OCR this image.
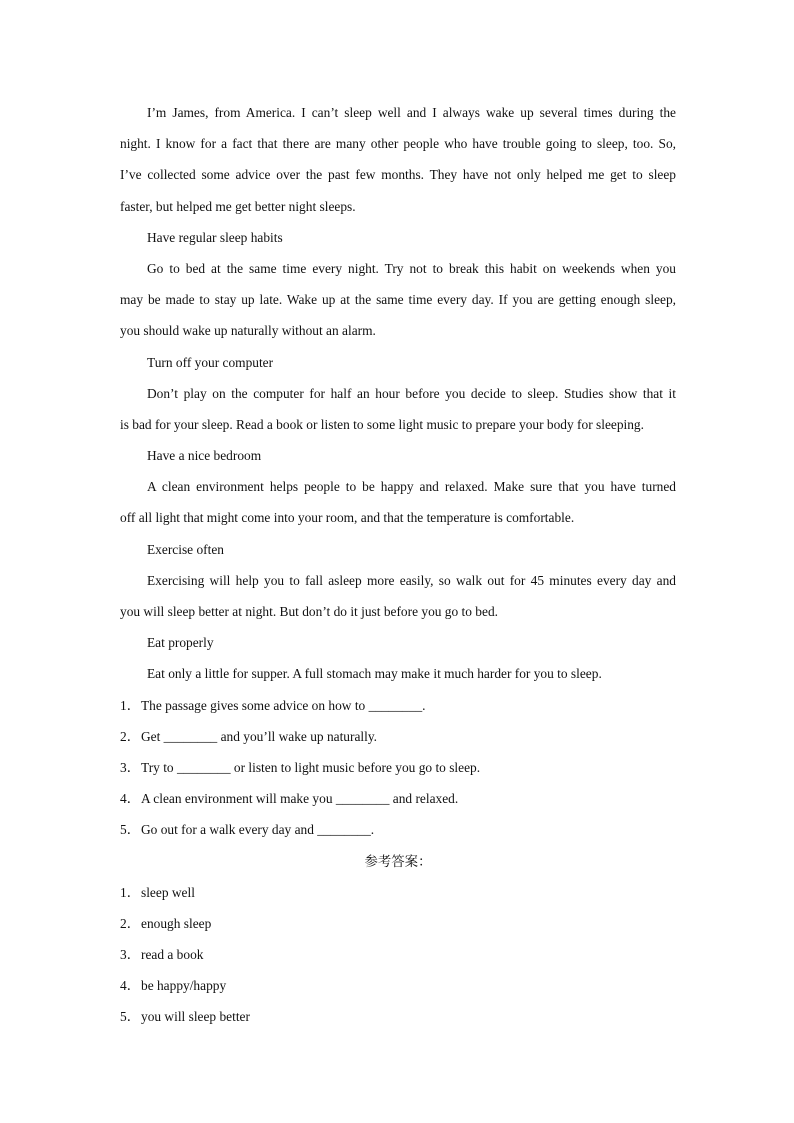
I’m James, from America. I can’t sleep well and I always wake up several times during the

night. I know for a fact that there are many other people who have trouble going to sleep, too. So,

I’ve collected some advice over the past few months. They have not only helped me get to sleep

faster, but helped me get better night sleeps.

Have regular sleep habits

Go to bed at the same time every night. Try not to break this habit on weekends when you

may be made to stay up late. Wake up at the same time every day. If you are getting enough sleep,

you should wake up naturally without an alarm.

Turn off your computer

Don’t play on the computer for half an hour before you decide to sleep. Studies show that it

is bad for your sleep. Read a book or listen to some light music to prepare your body for sleeping.

Have a nice bedroom

A clean environment helps people to be happy and relaxed. Make sure that you have turned

off all light that might come into your room, and that the temperature is comfortable.

Exercise often

Exercising will help you to fall asleep more easily, so walk out for 45 minutes every day and

you will sleep better at night. But don’t do it just before you go to bed.

Eat properly

Eat only a little for supper. A full stomach may make it much harder for you to sleep.

1．The passage gives some advice on how to ________.

2．Get ________ and you’ll wake up naturally.

3．Try to ________ or listen to light music before you go to sleep.

4．A clean environment will make you ________ and relaxed.

5．Go out for a walk every day and ________.

参考答案：

1．sleep well

2．enough sleep

3．read a book

4．be happy/happy

5．you will sleep better
